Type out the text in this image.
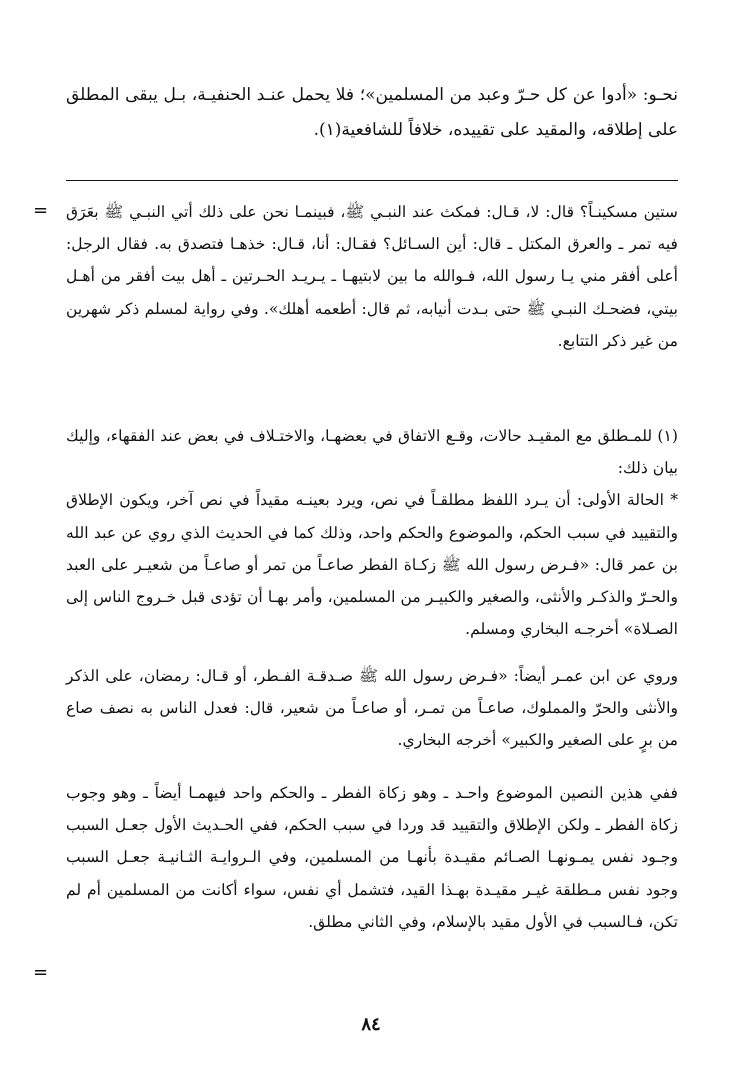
نحـو: «أدوا عن كل حـرّ وعبد من المسلمين»؛ فلا يحمل عنـد الحنفيـة، بـل يبقى المطلق على إطلاقه، والمقيد على تقييده، خلافاً للشافعية(١).

= ستين مسكينـاً؟ قال: لا، قـال: فمكث عند النبـي ﷺ، فبينمـا نحن على ذلك أتي النبـي ﷺ بعَرَق فيه تمر ـ والعرق المكتل ـ قال: أين السـائل؟ فقـال: أنا، قـال: خذهـا فتصدق به. فقال الرجل: أعلى أفقر مني يـا رسول الله، فـوالله ما بين لابتيهـا ـ يـريـد الحـرتين ـ أهل بيت أفقر من أهـل بيتي، فضحـك النبـي ﷺ حتى بـدت أنيابه، ثم قال: أطعمه أهلك». وفي رواية لمسلم ذكر شهرين من غير ذكر التتابع.

(١) للمـطلق مع المقيـد حالات، وقـع الاتفاق في بعضهـا، والاختـلاف في بعض عند الفقهاء، وإليك بيان ذلك:

* الحالة الأولى: أن يـرد اللفظ مطلقـاً في نص، ويرد بعينـه مقيداً في نص آخر، ويكون الإطلاق والتقييد في سبب الحكم، والموضوع والحكم واحد، وذلك كما في الحديث الذي روي عن عبد الله بن عمر قال: «فـرض رسول الله ﷺ زكـاة الفطر صاعـاً من تمر أو صاعـاً من شعيـر على العبد والحـرّ والذكـر والأنثى، والصغير والكبيـر من المسلمين، وأمر بهـا أن تؤدى قبل خـروج الناس إلى الصـلاة» أخرجـه البخاري ومسلم.

وروي عن ابن عمـر أيضاً: «فـرض رسول الله ﷺ صـدقـة الفـطر، أو قـال: رمضان، على الذكر والأنثى والحرّ والمملوك، صاعـاً من تمـر، أو صاعـاً من شعير، قال: فعدل الناس به نصف صاع من برٍ على الصغير والكبير» أخرجه البخاري.

ففي هذين النصين الموضوع واحـد ـ وهو زكاة الفطر ـ والحكم واحد فيهمـا أيضاً ـ وهو وجوب زكاة الفطر ـ ولكن الإطلاق والتقييد قد وردا في سبب الحكم، ففي الحـديث الأول جعـل السبب وجـود نفس يمـونهـا الصـائم مقيـدة بأنهـا من المسلمين، وفي الـروايـة الثـانيـة جعـل السبب وجود نفس مـطلقة غيـر مقيـدة بهـذا القيد، فتشمل أي نفس، سواء أكانت من المسلمين أم لم تكن، فـالسبب في الأول مقيد بالإسلام، وفي الثاني مطلق.

=
٨٤
